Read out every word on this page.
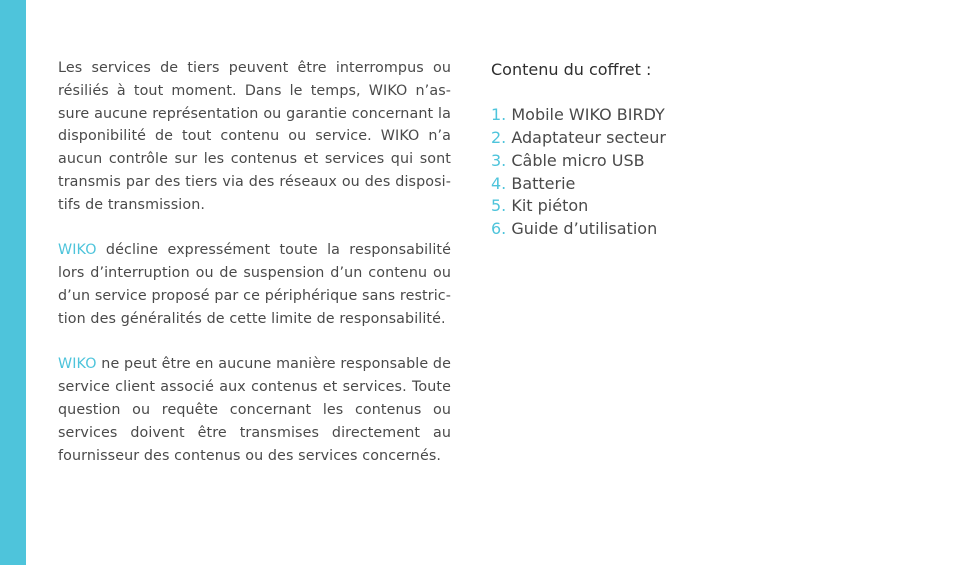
Les services de tiers peuvent être interrompus ou résiliés à tout moment. Dans le temps, WIKO n’as-sure aucune représentation ou garantie concernant la disponibilité de tout contenu ou service. WIKO n’a aucun contrôle sur les contenus et services qui sont transmis par des tiers via des réseaux ou des disposi-tifs de transmission.

WIKO décline expressément toute la responsabilité lors d’interruption ou de suspension d’un contenu ou d’un service proposé par ce périphérique sans restric-tion des généralités de cette limite de responsabilité.

WIKO ne peut être en aucune manière responsable de service client associé aux contenus et services. Toute question ou requête concernant les contenus ou services doivent être transmises directement au fournisseur des contenus ou des services concernés.

Contenu du coffret :
1. Mobile WIKO BIRDY
2. Adaptateur secteur
3. Câble micro USB
4. Batterie
5. Kit piéton
6. Guide d’utilisation
